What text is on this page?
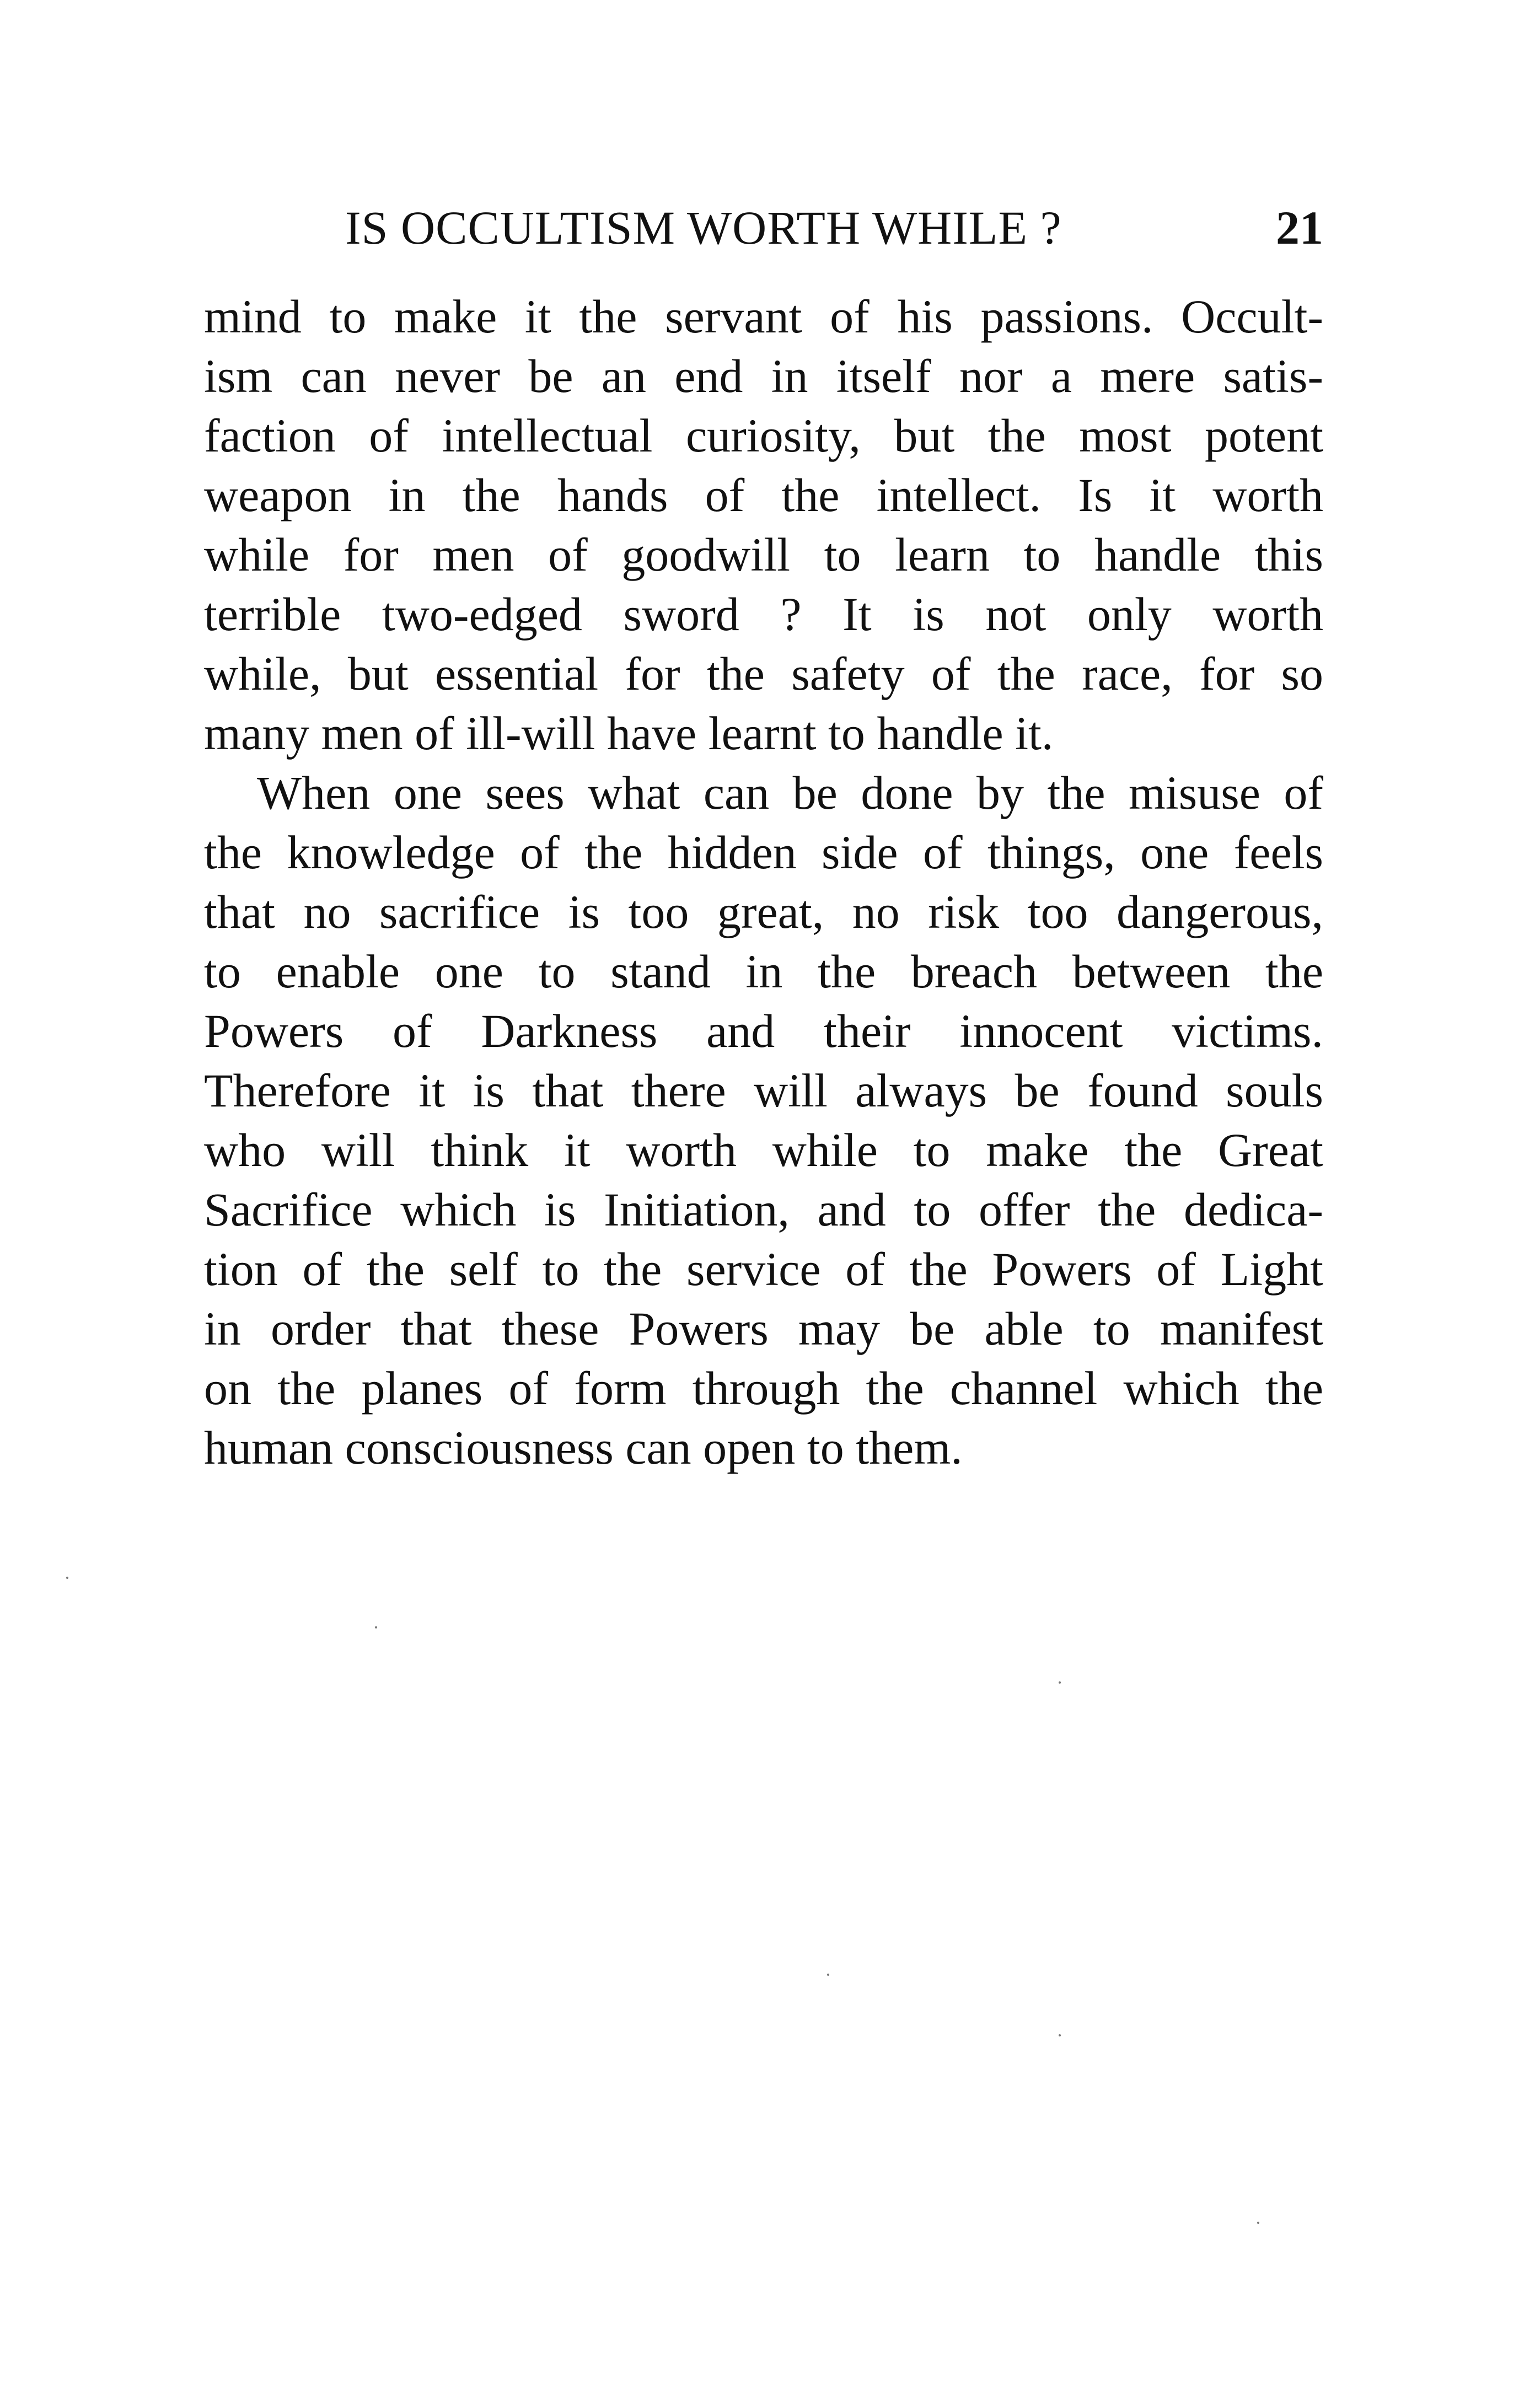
IS OCCULTISM WORTH WHILE ?	21
mind to make it the servant of his passions. Occult-
ism can never be an end in itself nor a mere satis-
faction of intellectual curiosity, but the most potent
weapon in the hands of the intellect. Is it worth
while for men of goodwill to learn to handle this
terrible two-edged sword ? It is not only worth
while, but essential for the safety of the race, for so
many men of ill-will have learnt to handle it.
When one sees what can be done by the misuse of
the knowledge of the hidden side of things, one feels
that no sacrifice is too great, no risk too dangerous,
to enable one to stand in the breach between the
Powers of Darkness and their innocent victims.
Therefore it is that there will always be found souls
who will think it worth while to make the Great
Sacrifice which is Initiation, and to offer the dedica-
tion of the self to the service of the Powers of Light
in order that these Powers may be able to manifest
on the planes of form through the channel which the
human consciousness can open to them.
